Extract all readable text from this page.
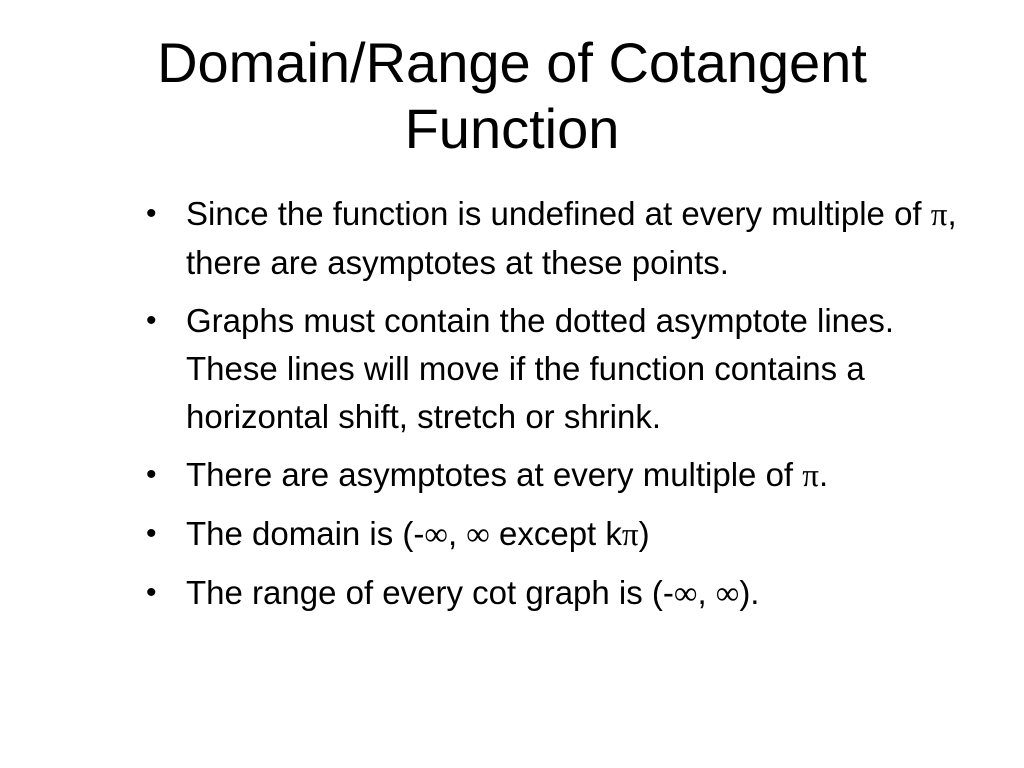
Domain/Range of Cotangent
Function
• Since the function is undefined at every multiple of π, there are asymptotes at these points.
• Graphs must contain the dotted asymptote lines.  These lines will move if the function contains a horizontal shift, stretch or shrink.
• There are asymptotes at every multiple of π.
• The domain is (-∞, ∞ except kπ)
• The range of every cot graph is (-∞, ∞).
